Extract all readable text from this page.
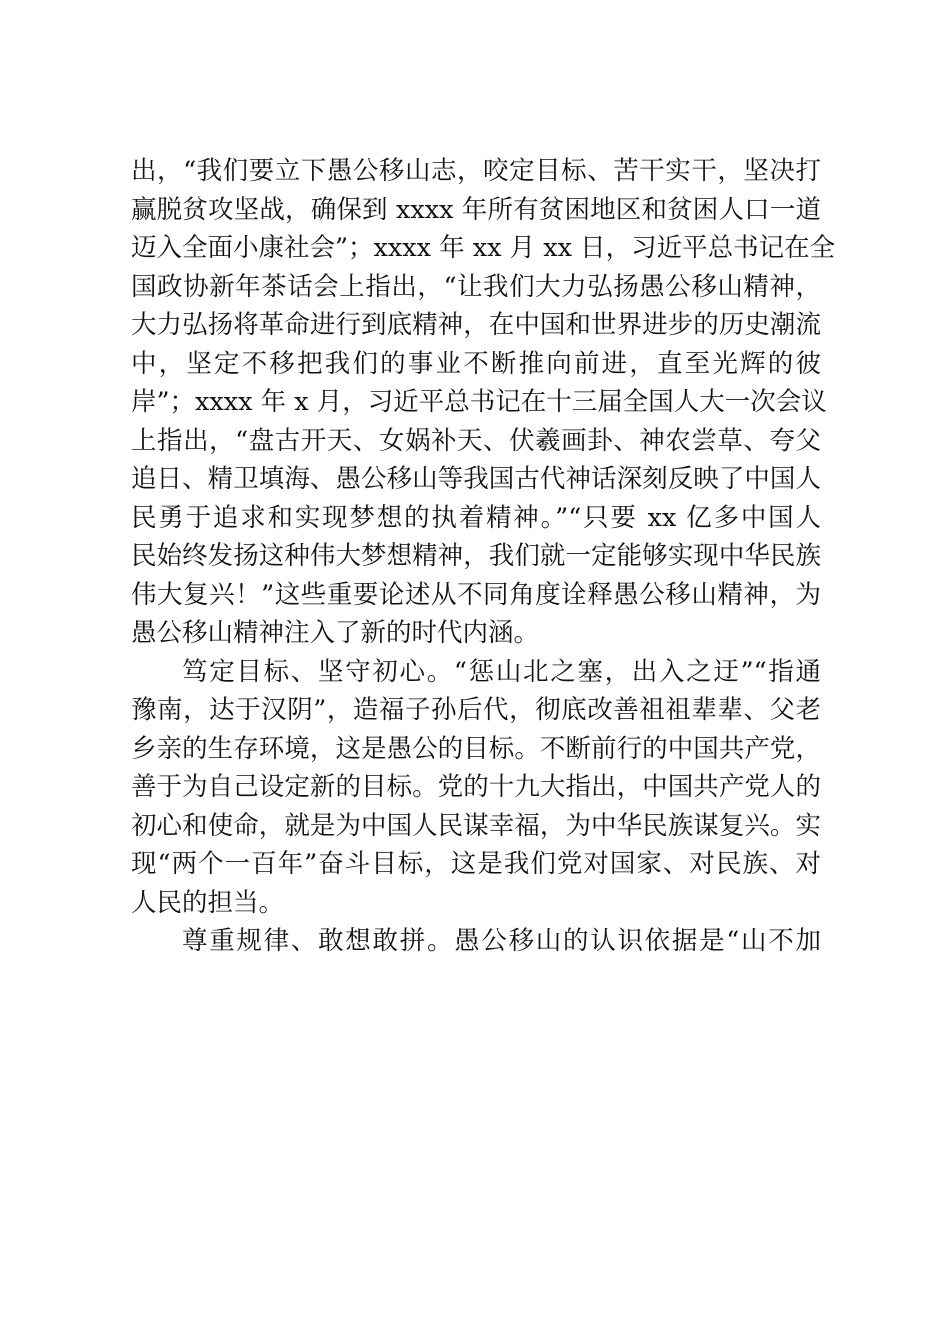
出，“我们要立下愚公移山志，咬定目标、苦干实干，坚决打
赢脱贫攻坚战，确保到 xxxx 年所有贫困地区和贫困人口一道
迈入全面小康社会”；xxxx 年 xx 月 xx 日，习近平总书记在全
国政协新年茶话会上指出，“让我们大力弘扬愚公移山精神，
大力弘扬将革命进行到底精神，在中国和世界进步的历史潮流
中，坚定不移把我们的事业不断推向前进，直至光辉的彼
岸”；xxxx 年 x 月，习近平总书记在十三届全国人大一次会议
上指出，“盘古开天、女娲补天、伏羲画卦、神农尝草、夸父
追日、精卫填海、愚公移山等我国古代神话深刻反映了中国人
民勇于追求和实现梦想的执着精神。”“只要 xx 亿多中国人
民始终发扬这种伟大梦想精神，我们就一定能够实现中华民族
伟大复兴！”这些重要论述从不同角度诠释愚公移山精神，为
愚公移山精神注入了新的时代内涵。
笃定目标、坚守初心。“惩山北之塞，出入之迂”“指通
豫南，达于汉阴”，造福子孙后代，彻底改善祖祖辈辈、父老
乡亲的生存环境，这是愚公的目标。不断前行的中国共产党，
善于为自己设定新的目标。党的十九大指出，中国共产党人的
初心和使命，就是为中国人民谋幸福，为中华民族谋复兴。实
现“两个一百年”奋斗目标，这是我们党对国家、对民族、对
人民的担当。
尊重规律、敢想敢拼。愚公移山的认识依据是“山不加
